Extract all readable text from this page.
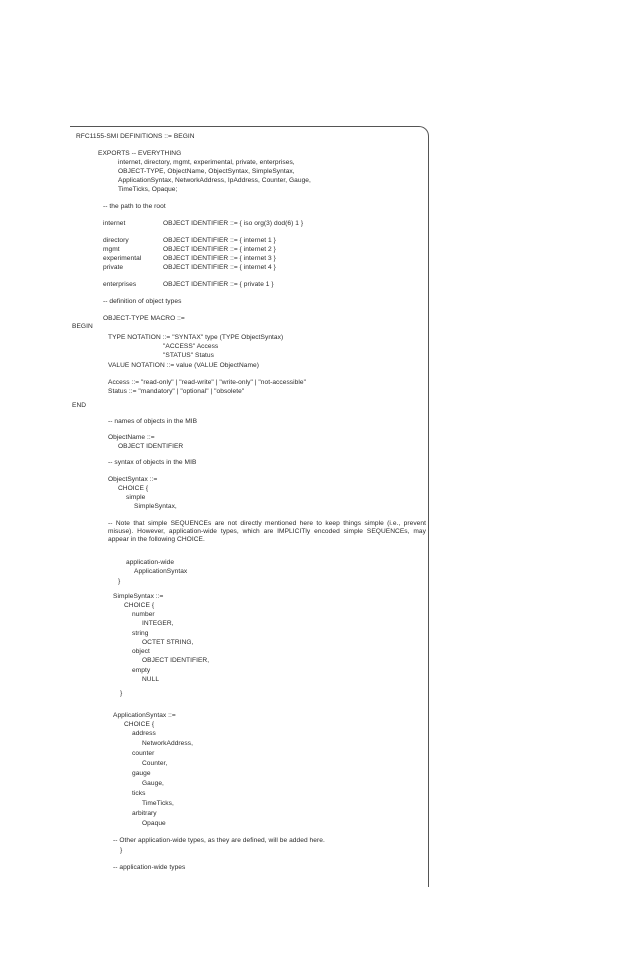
RFC1155-SMI DEFINITIONS ::= BEGIN
EXPORTS -- EVERYTHING
internet, directory, mgmt, experimental, private, enterprises,
OBJECT-TYPE, ObjectName, ObjectSyntax, SimpleSyntax,
ApplicationSyntax, NetworkAddress, IpAddress, Counter, Gauge,
TimeTicks, Opaque;
-- the path to the root
internet	OBJECT IDENTIFIER ::= { iso org(3) dod(6) 1 }
directory	OBJECT IDENTIFIER ::= { internet 1 }
mgmt	OBJECT IDENTIFIER ::= { internet 2 }
experimental	OBJECT IDENTIFIER ::= { internet 3 }
private	OBJECT IDENTIFIER ::= { internet 4 }
enterprises	OBJECT IDENTIFIER ::= { private 1 }
-- definition of object types
OBJECT-TYPE MACRO ::=
BEGIN
TYPE NOTATION ::= "SYNTAX" type (TYPE ObjectSyntax)
"ACCESS" Access
"STATUS" Status
VALUE NOTATION ::= value (VALUE ObjectName)
Access ::= "read-only" | "read-write" | "write-only" | "not-accessible"
Status ::= "mandatory" | "optional" | "obsolete"
END
-- names of objects in the MIB
ObjectName ::=
OBJECT IDENTIFIER
-- syntax of objects in the MIB
ObjectSyntax ::=
CHOICE {
simple
SimpleSyntax,
-- Note that simple SEQUENCEs are not directly mentioned here to keep things simple (i.e., prevent misuse). However, application-wide types, which are IMPLICITly encoded simple SEQUENCEs, may appear in the following CHOICE.
application-wide
ApplicationSyntax
}
SimpleSyntax ::=
CHOICE {
number
INTEGER,
string
OCTET STRING,
object
OBJECT IDENTIFIER,
empty
NULL
}
ApplicationSyntax ::=
CHOICE {
address
NetworkAddress,
counter
Counter,
gauge
Gauge,
ticks
TimeTicks,
arbitrary
Opaque
-- Other application-wide types, as they are defined, will be added here.
}
-- application-wide types
